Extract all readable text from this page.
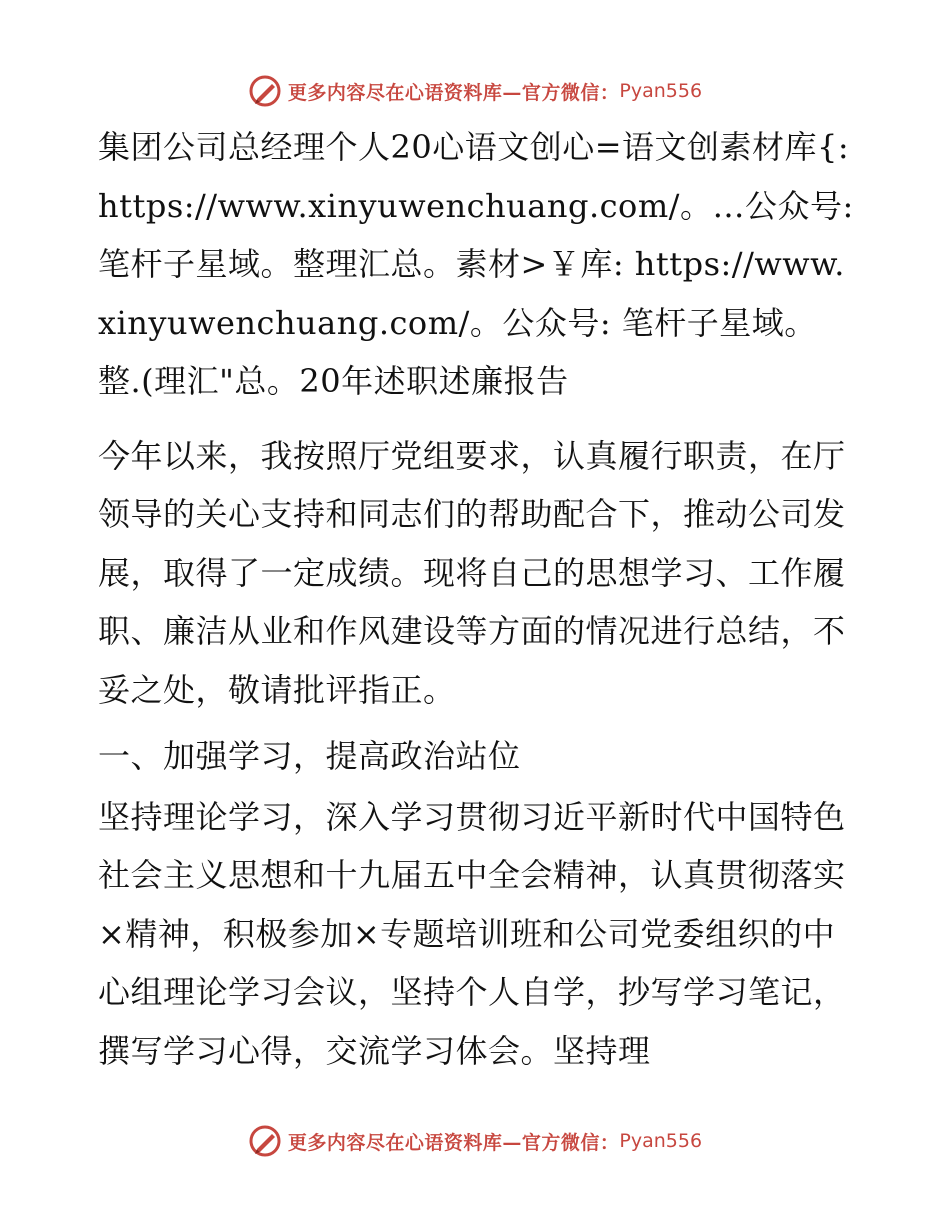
更多内容尽在心语资料库—官方微信： Pyan556

集团公司总经理个人20心语文创心=语文创素材库{: https://www.xinyuwenchuang.com/。…公众号: 笔杆子星域。整理汇总。素材>￥库: https://www.xinyuwenchuang.com/。公众号: 笔杆子星域。整.(理汇"总。20年述职述廉报告

今年以来，我按照厅党组要求，认真履行职责，在厅领导的关心支持和同志们的帮助配合下，推动公司发展，取得了一定成绩。现将自己的思想学习、工作履职、廉洁从业和作风建设等方面的情况进行总结，不妥之处，敬请批评指正。

一、加强学习，提高政治站位

坚持理论学习，深入学习贯彻习近平新时代中国特色社会主义思想和十九届五中全会精神，认真贯彻落实×精神，积极参加×专题培训班和公司党委组织的中心组理论学习会议，坚持个人自学，抄写学习笔记，撰写学习心得，交流学习体会。坚持理

更多内容尽在心语资料库—官方微信： Pyan556
